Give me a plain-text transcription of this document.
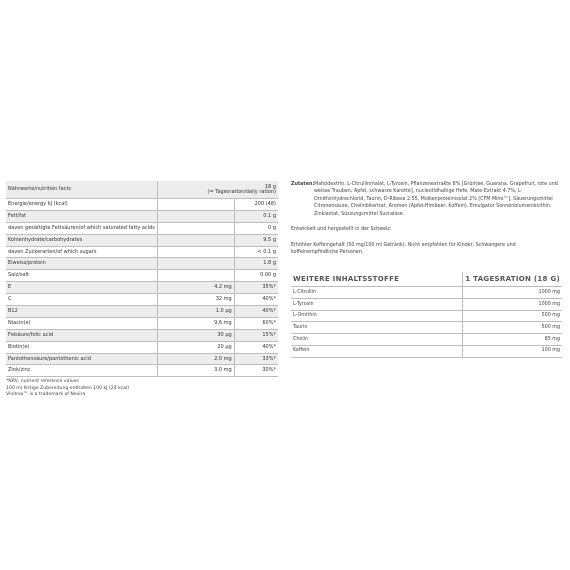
Nährwerte/nutrition facts	18 g
(= Tagesration/daily ration)	
Energie/energy kJ (kcal)		200 (48)
Fett/fat		0.1 g
davon gesättigte Fettsäuren/of which saturated fatty acids		0 g
Kohlenhydrate/carbohydrates		9.5 g
davon Zuckerarten/of which sugars		< 0.1 g
Eiweiss/protein		1.8 g
Salz/salt		0.00 g
E	4.2 mg	35%*
C	32 mg	40%*
B12	1.0 µg	40%*
Niacin(e)	9.6 mg	60%*
Folsäure/folic acid	30 µg	15%*
Biotin(e)	20 µg	40%*
Pantothensäure/pantothenic acid	2.0 mg	33%*
Zink/zinc	3.0 mg	30%*
*NRV, nutrient reference values
100 ml fertige Zubereitung enthalten 100 kJ (24 kcal)
Vinitrox™ is a trademark of Nexira
Zutaten: Maltodextrin, L-Citrullinmalat, L-Tyrosin, Pflanzenextrakte 8% [Grüntee, Guarana, Grapefruit, rote und weisse Trauben, Apfel, schwarze Karotte], nucleotidhaltige Hefe, Mate-Extrakt 4.7%, L-Ornithinhydrochlorid, Taurin, D-Ribose 2.55, Molkenproteinisolat 2% [CFM Mine™], Säuerungsmittel Citronensäure, Cholinbitartrat, Aromen (Apfel-Himbeer, Koffein), Emulgator Sonnenblumenlecithin, Zinklactat, Süssungsmittel Sucralose.
Entwickelt und hergestellt in der Schweiz.
Erhöhter Koffeingehalt (50 mg/100 ml Getränk). Nicht empfohlen für Kinder, Schwangere und koffeinempfindliche Personen.
WEITERE INHALTSSTOFFE	1 TAGESRATION (18 G)
L-Citrullin	1000 mg
L-Tyrosin	1000 mg
L-Ornithin	500 mg
Taurin	500 mg
Cholin	85 mg
Koffein	100 mg
